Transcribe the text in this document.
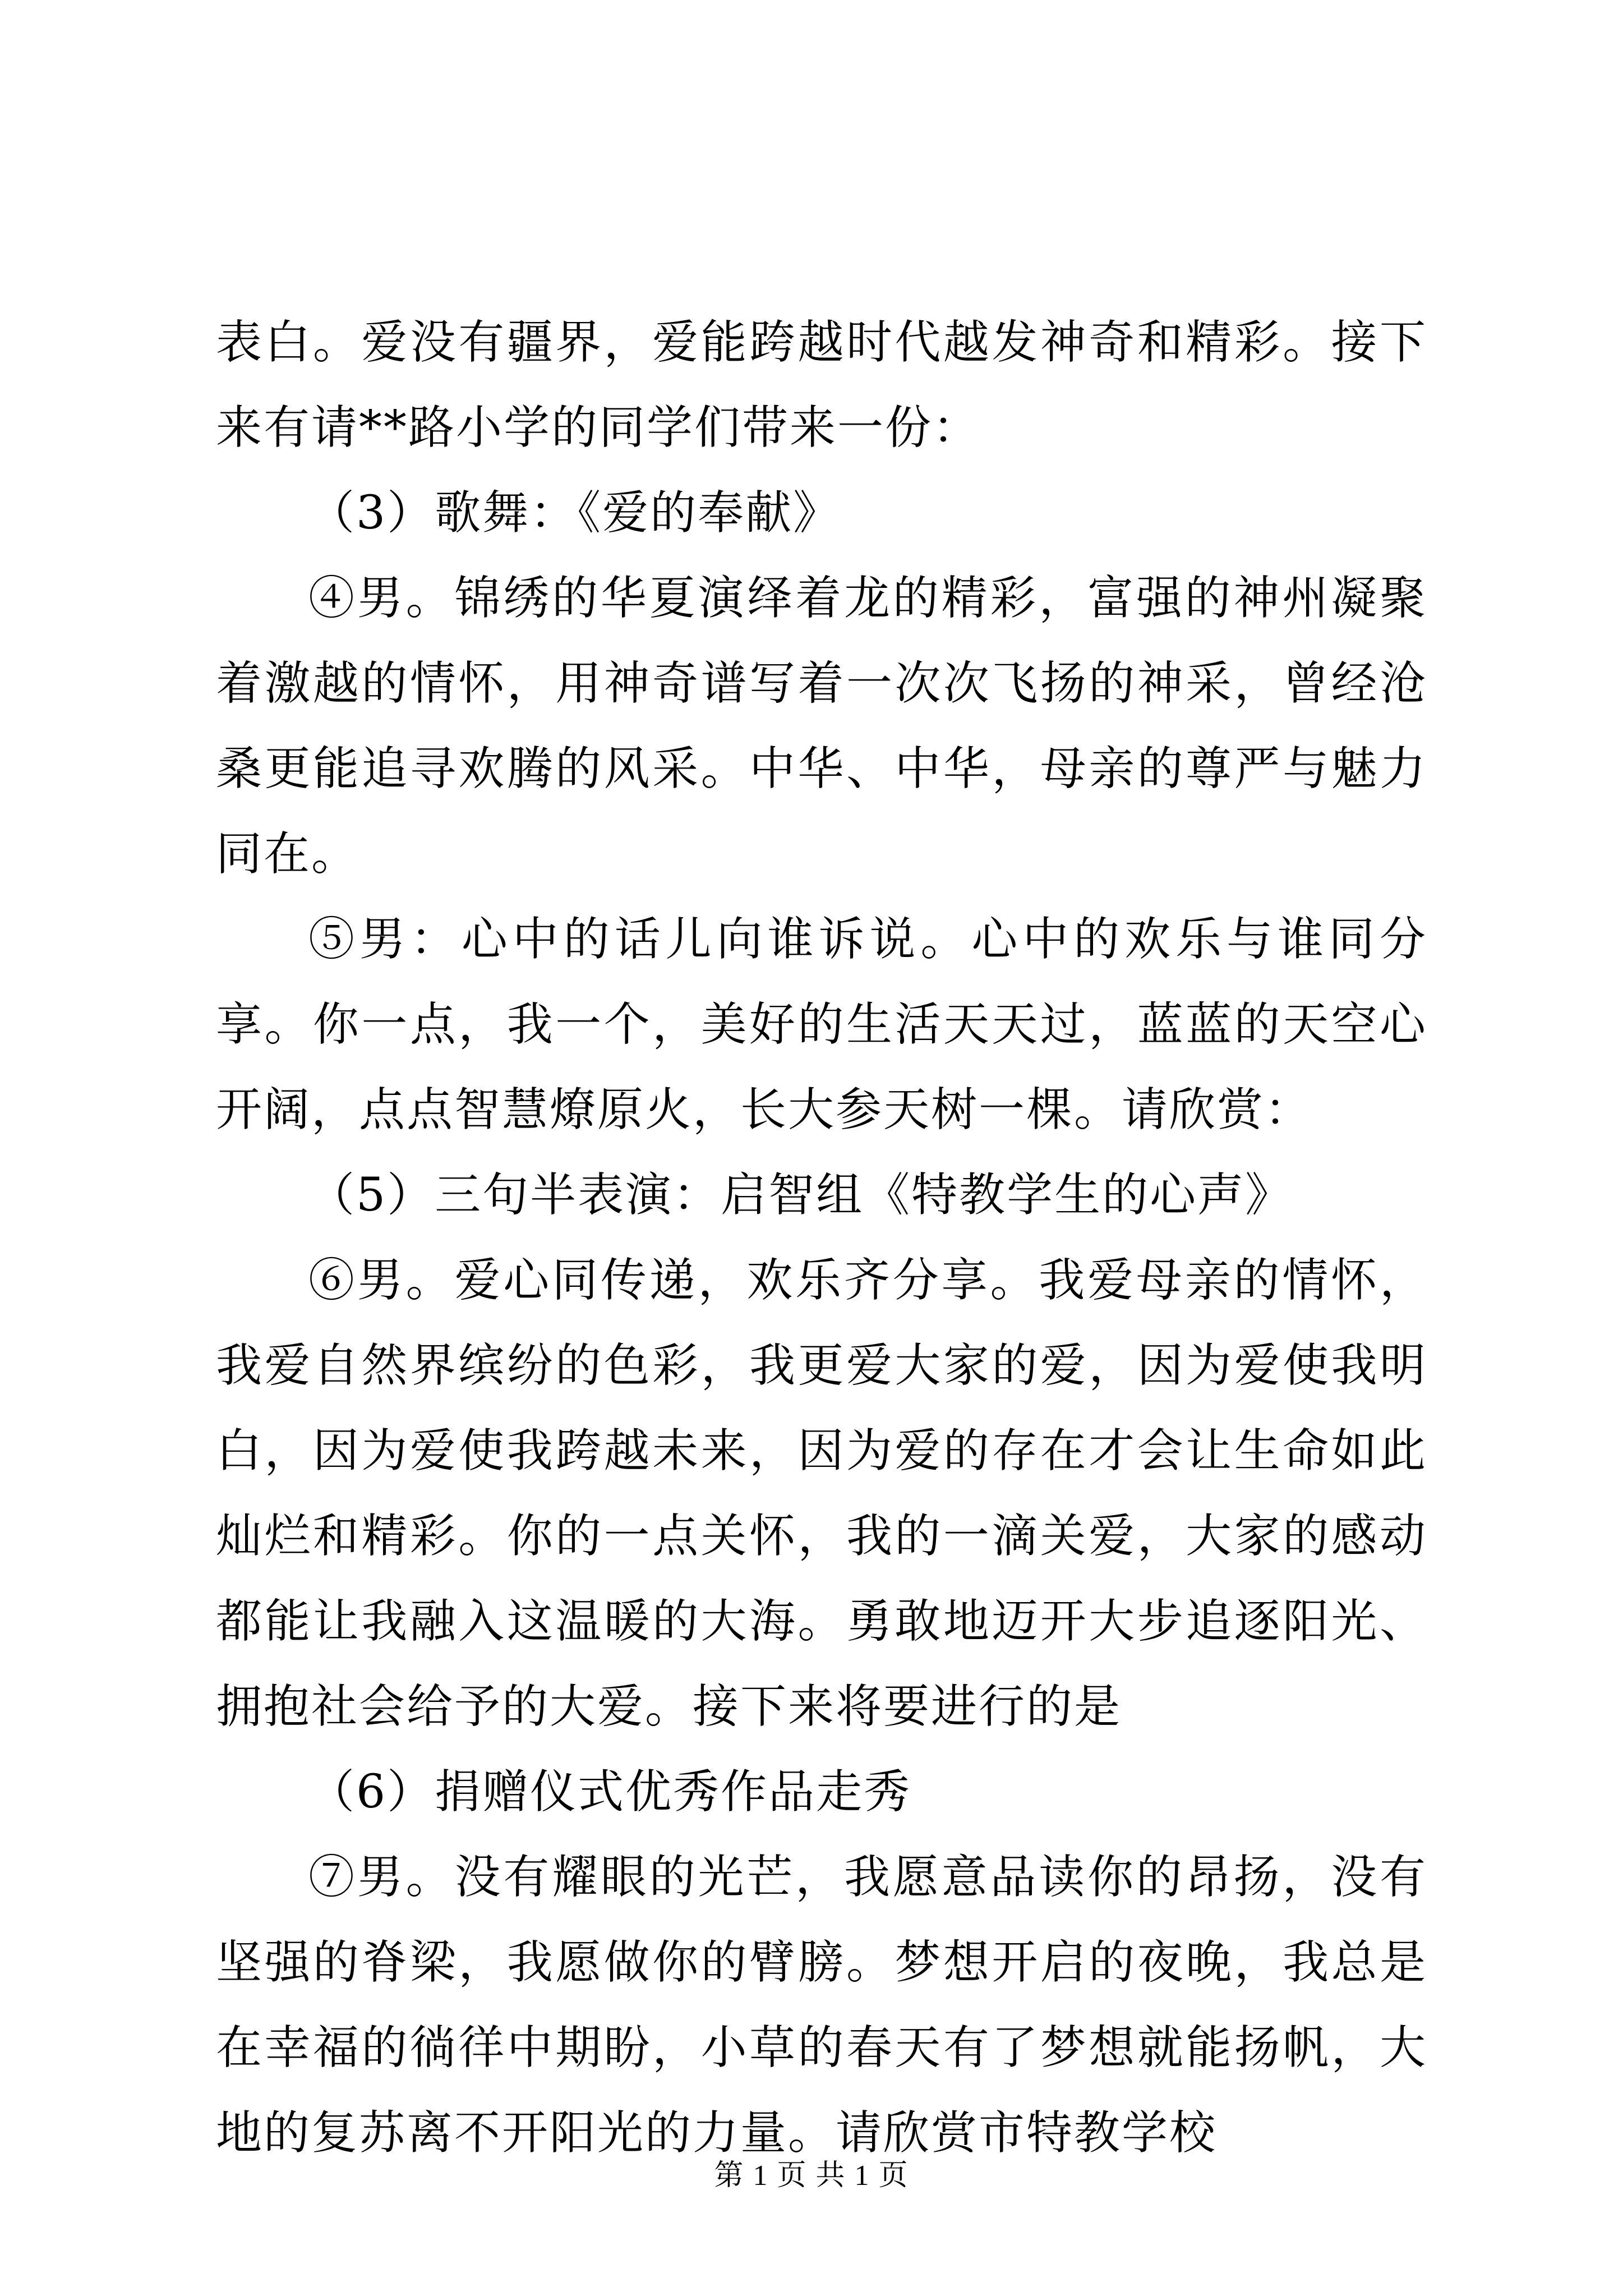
表白。爱没有疆界，爱能跨越时代越发神奇和精彩。接下来有请**路小学的同学们带来一份：

（3）歌舞：《爱的奉献》

④男。锦绣的华夏演绎着龙的精彩，富强的神州凝聚着激越的情怀，用神奇谱写着一次次飞扬的神采，曾经沧桑更能追寻欢腾的风采。中华、中华，母亲的尊严与魅力同在。

⑤男：心中的话儿向谁诉说。心中的欢乐与谁同分享。你一点，我一个，美好的生活天天过，蓝蓝的天空心开阔，点点智慧燎原火，长大参天树一棵。请欣赏：

（5）三句半表演：启智组《特教学生的心声》

⑥男。爱心同传递，欢乐齐分享。我爱母亲的情怀，我爱自然界缤纷的色彩，我更爱大家的爱，因为爱使我明白，因为爱使我跨越未来，因为爱的存在才会让生命如此灿烂和精彩。你的一点关怀，我的一滴关爱，大家的感动都能让我融入这温暖的大海。勇敢地迈开大步追逐阳光、拥抱社会给予的大爱。接下来将要进行的是

（6）捐赠仪式优秀作品走秀

⑦男。没有耀眼的光芒，我愿意品读你的昂扬，没有坚强的脊梁，我愿做你的臂膀。梦想开启的夜晚，我总是在幸福的徜徉中期盼，小草的春天有了梦想就能扬帆，大地的复苏离不开阳光的力量。请欣赏市特教学校

第 1 页 共 1 页
